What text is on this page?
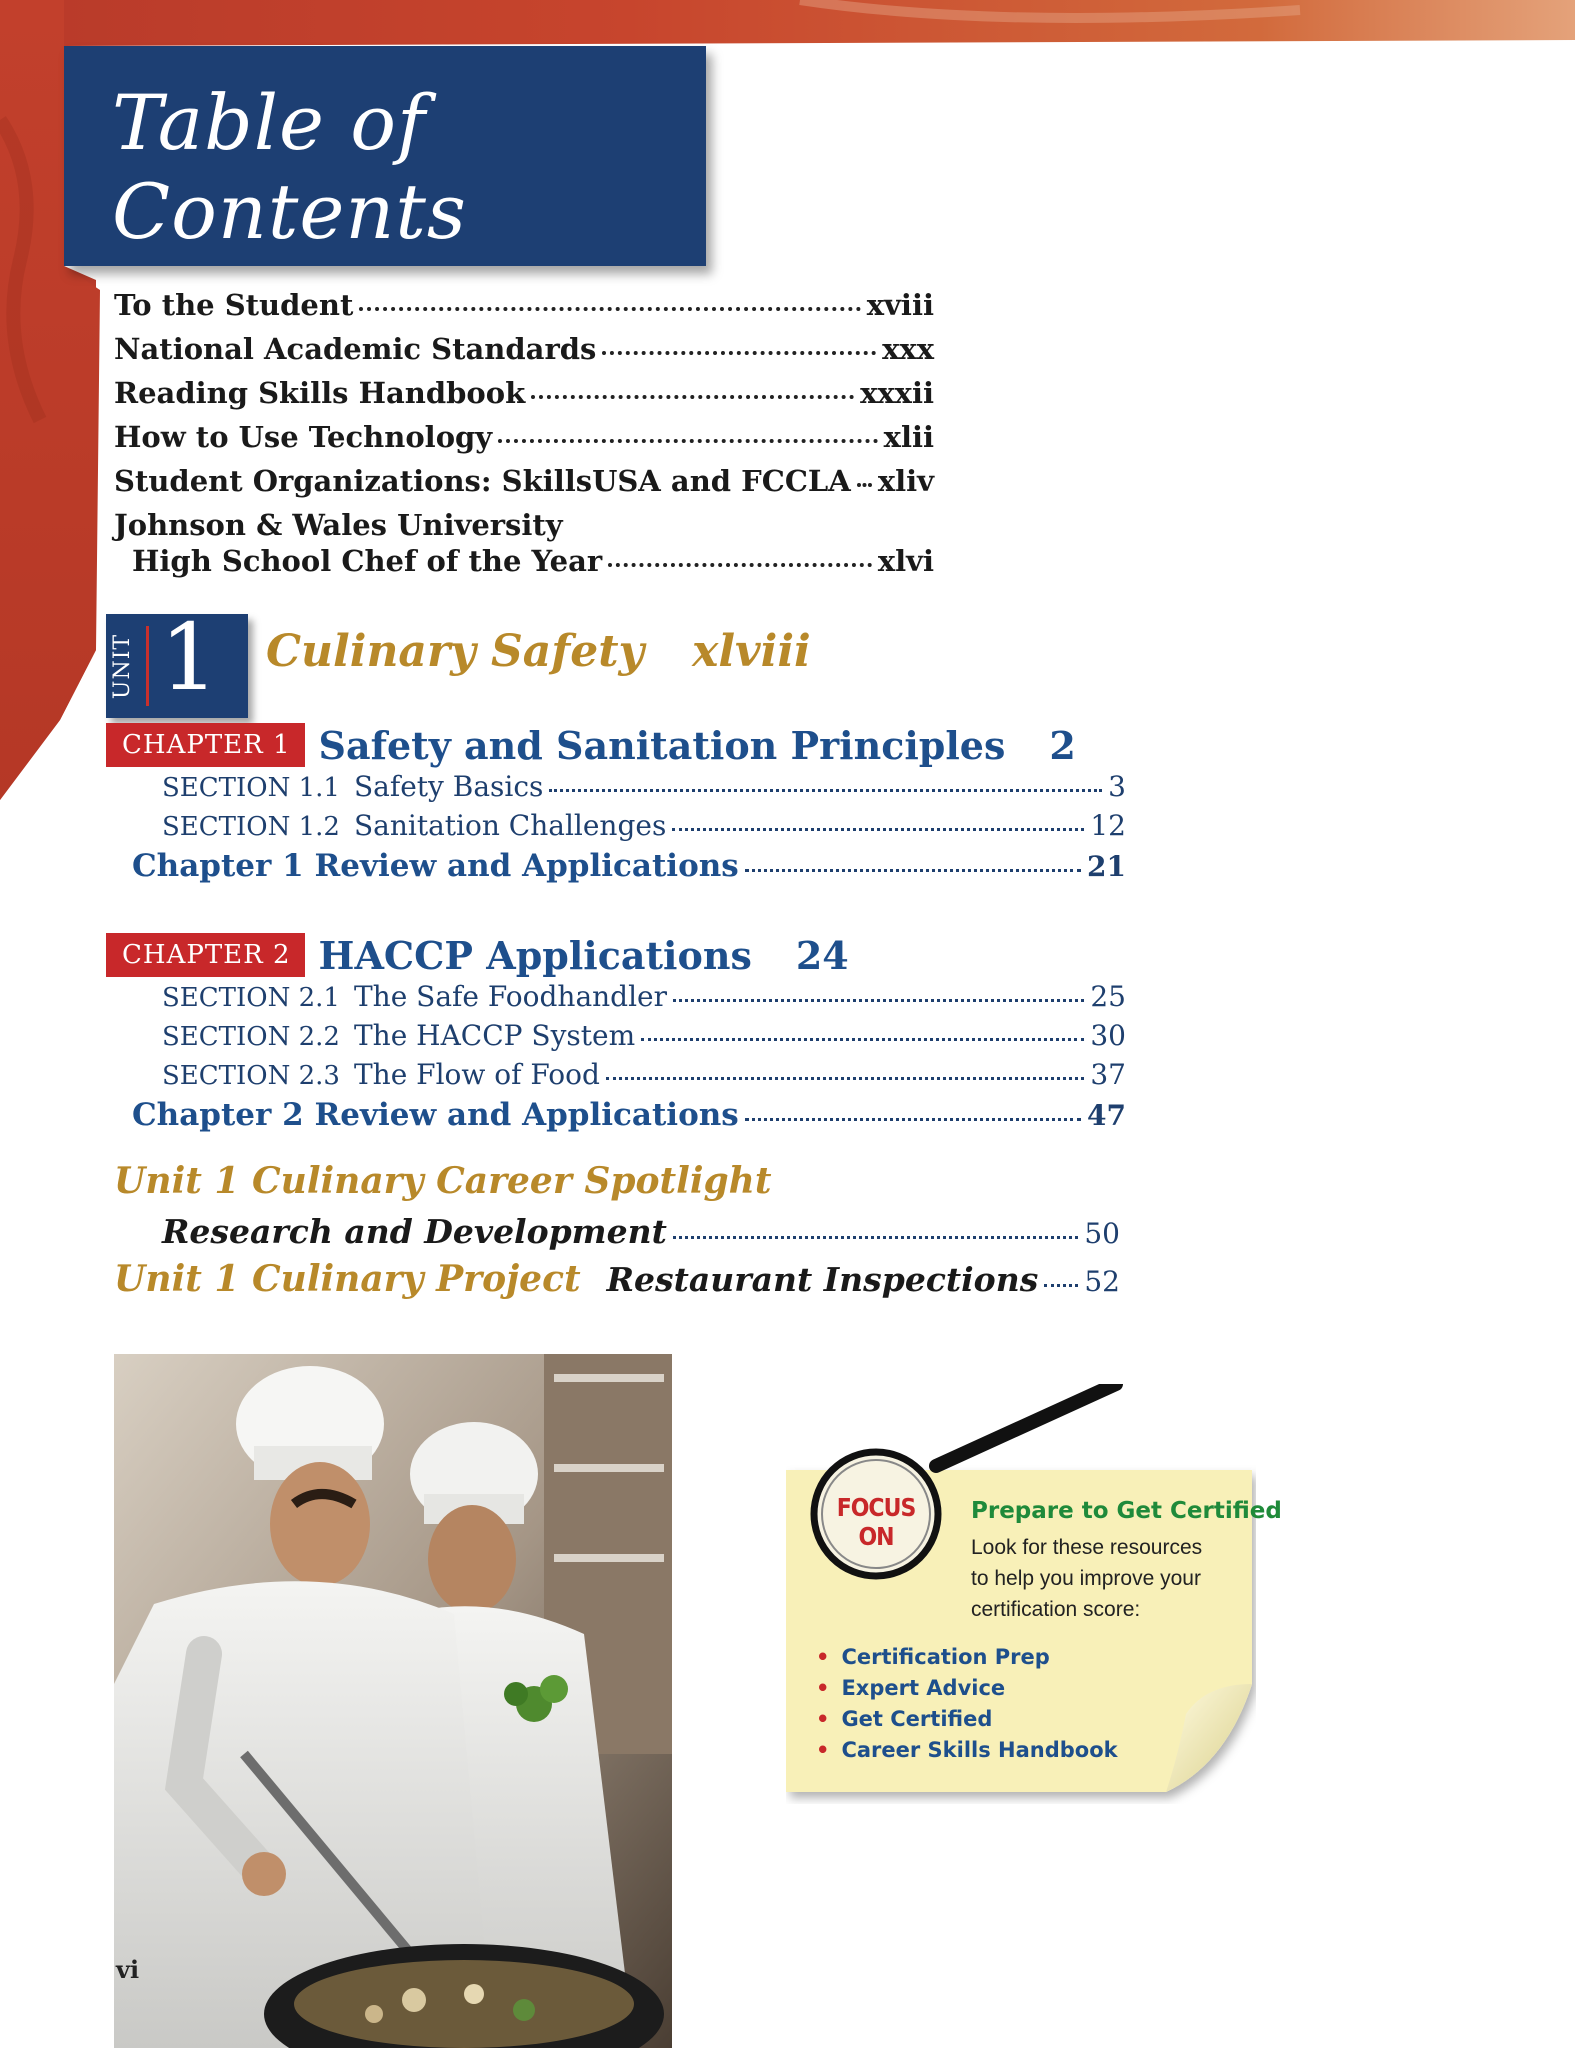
Table of Contents
To the Student	xviii
National Academic Standards	xxx
Reading Skills Handbook	xxxii
How to Use Technology	xlii
Student Organizations: SkillsUSA and FCCLA xliv
Johnson & Wales University
High School Chef of the Year	xlvi
UNIT 1 Culinary Safety xlviii
CHAPTER 1 Safety and Sanitation Principles 2
SECTION 1.1 Safety Basics	3
SECTION 1.2 Sanitation Challenges	12
Chapter 1 Review and Applications	21
CHAPTER 2 HACCP Applications 24
SECTION 2.1 The Safe Foodhandler	25
SECTION 2.2 The HACCP System	30
SECTION 2.3 The Flow of Food	37
Chapter 2 Review and Applications	47
Unit 1 Culinary Career Spotlight
Research and Development	50
Unit 1 Culinary Project Restaurant Inspections 52
vi
FOCUS ON
Prepare to Get Certified
Look for these resources
to help you improve your
certification score:
• Certification Prep
• Expert Advice
• Get Certified
• Career Skills Handbook
